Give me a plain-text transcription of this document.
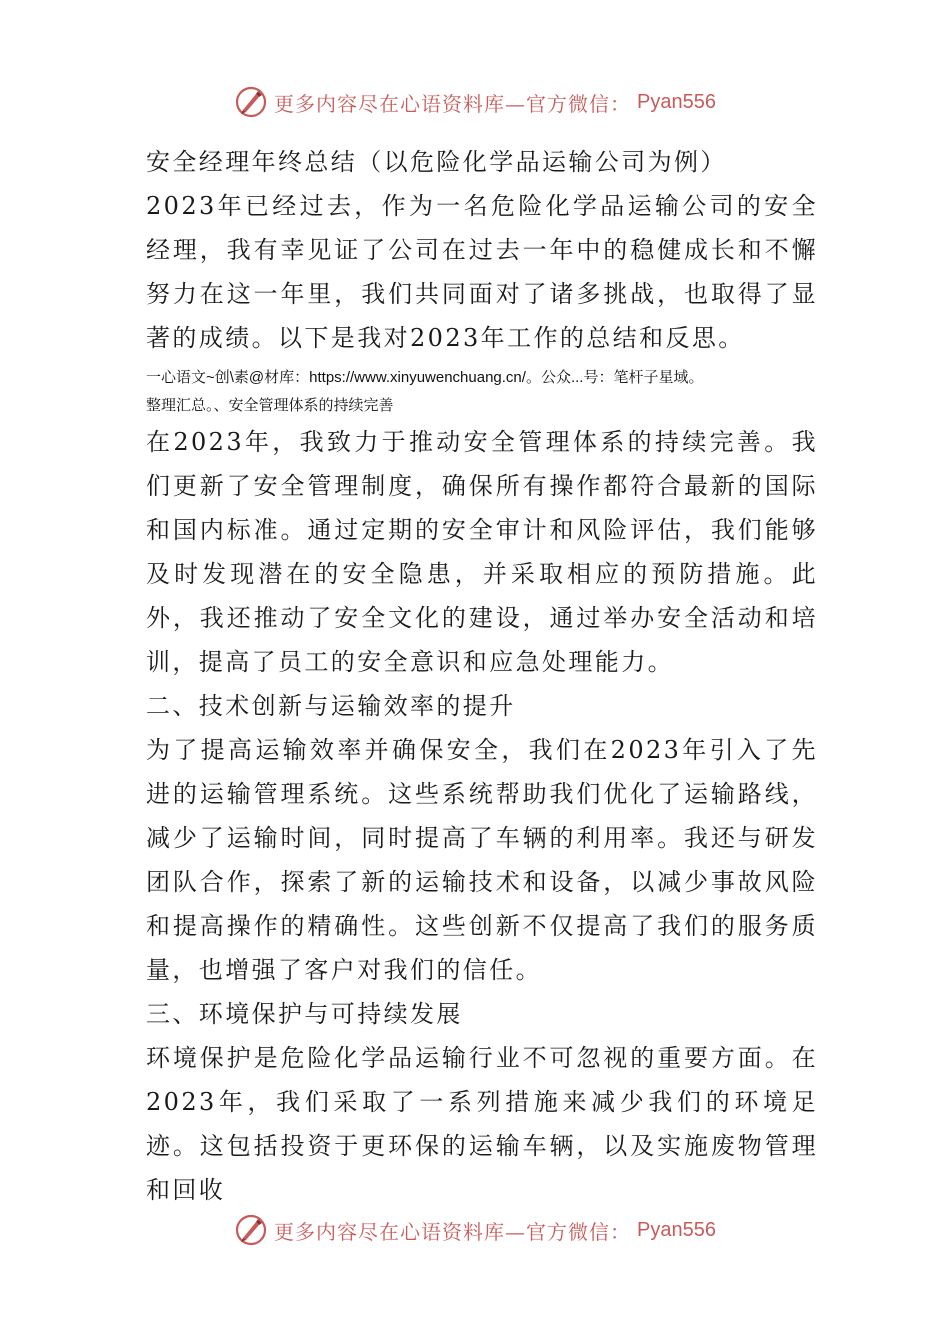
更多内容尽在心语资料库—官方微信： Pyan556

安全经理年终总结（以危险化学品运输公司为例）

2023年已经过去，作为一名危险化学品运输公司的安全经理，我有幸见证了公司在过去一年中的稳健成长和不懈努力在这一年里，我们共同面对了诸多挑战，也取得了显著的成绩。以下是我对2023年工作的总结和反思。

一心语文~创\素@材库：https://www.xinyuwenchuang.cn/。公众...号：笔杆子星域。

整理汇总。、安全管理体系的持续完善

在2023年，我致力于推动安全管理体系的持续完善。我们更新了安全管理制度，确保所有操作都符合最新的国际和国内标准。通过定期的安全审计和风险评估，我们能够及时发现潜在的安全隐患，并采取相应的预防措施。此外，我还推动了安全文化的建设，通过举办安全活动和培训，提高了员工的安全意识和应急处理能力。

二、技术创新与运输效率的提升

为了提高运输效率并确保安全，我们在2023年引入了先进的运输管理系统。这些系统帮助我们优化了运输路线，减少了运输时间，同时提高了车辆的利用率。我还与研发团队合作，探索了新的运输技术和设备，以减少事故风险和提高操作的精确性。这些创新不仅提高了我们的服务质量，也增强了客户对我们的信任。

三、环境保护与可持续发展

环境保护是危险化学品运输行业不可忽视的重要方面。在2023年，我们采取了一系列措施来减少我们的环境足迹。这包括投资于更环保的运输车辆，以及实施废物管理和回收

更多内容尽在心语资料库—官方微信： Pyan556
